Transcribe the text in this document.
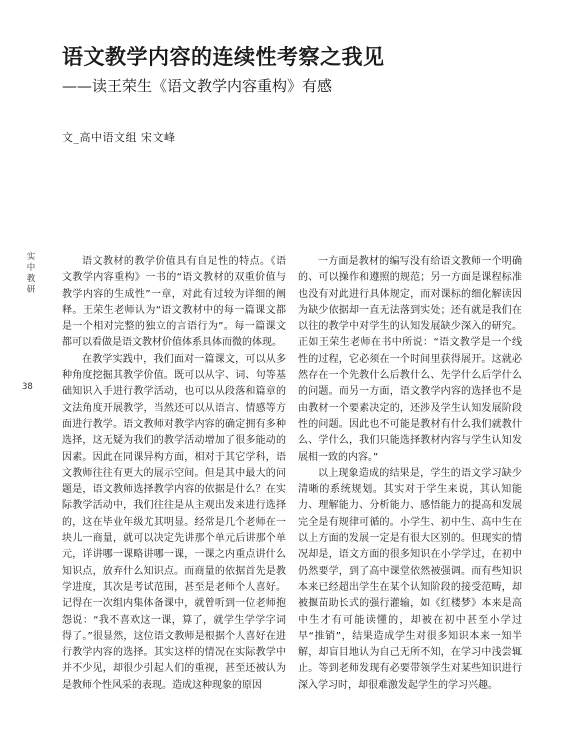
语文教学内容的连续性考察之我见
——读王荣生《语文教学内容重构》有感
文_高中语文组 宋文峰
实
中
教
研
38

语文教材的教学价值具有自足性的特点。《语文教学内容重构》一书的“语文教材的双重价值与教学内容的生成性”一章，对此有过较为详细的阐释。王荣生老师认为“语文教材中的每一篇课文都是一个相对完整的独立的言语行为”。每一篇课文都可以看做是语文教材价值体系具体而微的体现。

在教学实践中，我们面对一篇课文，可以从多种角度挖掘其教学价值。既可以从字、词、句等基础知识入手进行教学活动，也可以从段落和篇章的文法角度开展教学，当然还可以从语言、情感等方面进行教学。语文教师对教学内容的确定拥有多种选择，这无疑为我们的教学活动增加了很多能动的因素。因此在同课异构方面，相对于其它学科，语文教师往往有更大的展示空间。但是其中最大的问题是，语文教师选择教学内容的依据是什么？在实际教学活动中，我们往往是从主观出发来进行选择的，这在毕业年级尤其明显。经常是几个老师在一块儿一商量，就可以决定先讲那个单元后讲那个单元，详讲哪一课略讲哪一课，一课之内重点讲什么知识点，放弃什么知识点。而商量的依据首先是教学进度，其次是考试范围，甚至是老师个人喜好。记得在一次组内集体备课中，就曾听到一位老师抱怨说：“我不喜欢这一课，算了，就学生学学字词得了。”很显然，这位语文教师是根据个人喜好在进行教学内容的选择。其实这样的情况在实际教学中并不少见，却很少引起人们的重视，甚至还被认为是教师个性风采的表现。造成这种现象的原因

一方面是教材的编写没有给语文教师一个明确的、可以操作和遵照的规范；另一方面是课程标准也没有对此进行具体规定，而对课标的细化解读因为缺少依据却一直无法落到实处；还有就是我们在以往的教学中对学生的认知发展缺少深入的研究。正如王荣生老师在书中所说：“语文教学是一个线性的过程，它必须在一个时间里获得展开。这就必然存在一个先教什么后教什么、先学什么后学什么的问题。而另一方面，语文教学内容的选择也不是由教材一个要素决定的，还涉及学生认知发展阶段性的问题。因此也不可能是教材有什么我们就教什么、学什么，我们只能选择教材内容与学生认知发展相一致的内容。”

以上现象造成的结果是，学生的语文学习缺少清晰的系统规划。其实对于学生来说，其认知能力、理解能力、分析能力、感悟能力的提高和发展完全是有规律可循的。小学生、初中生、高中生在以上方面的发展一定是有很大区别的。但现实的情况却是，语文方面的很多知识在小学学过，在初中仍然要学，到了高中课堂依然被强调。而有些知识本来已经超出学生在某个认知阶段的接受范畴，却被揠苗助长式的强行灌输，如《红楼梦》本来是高中生才有可能读懂的，却被在初中甚至小学过早“推销”，结果造成学生对很多知识本来一知半解，却盲目地认为自己无所不知，在学习中浅尝辄止。等到老师发现有必要带领学生对某些知识进行深入学习时，却很难激发起学生的学习兴趣。
